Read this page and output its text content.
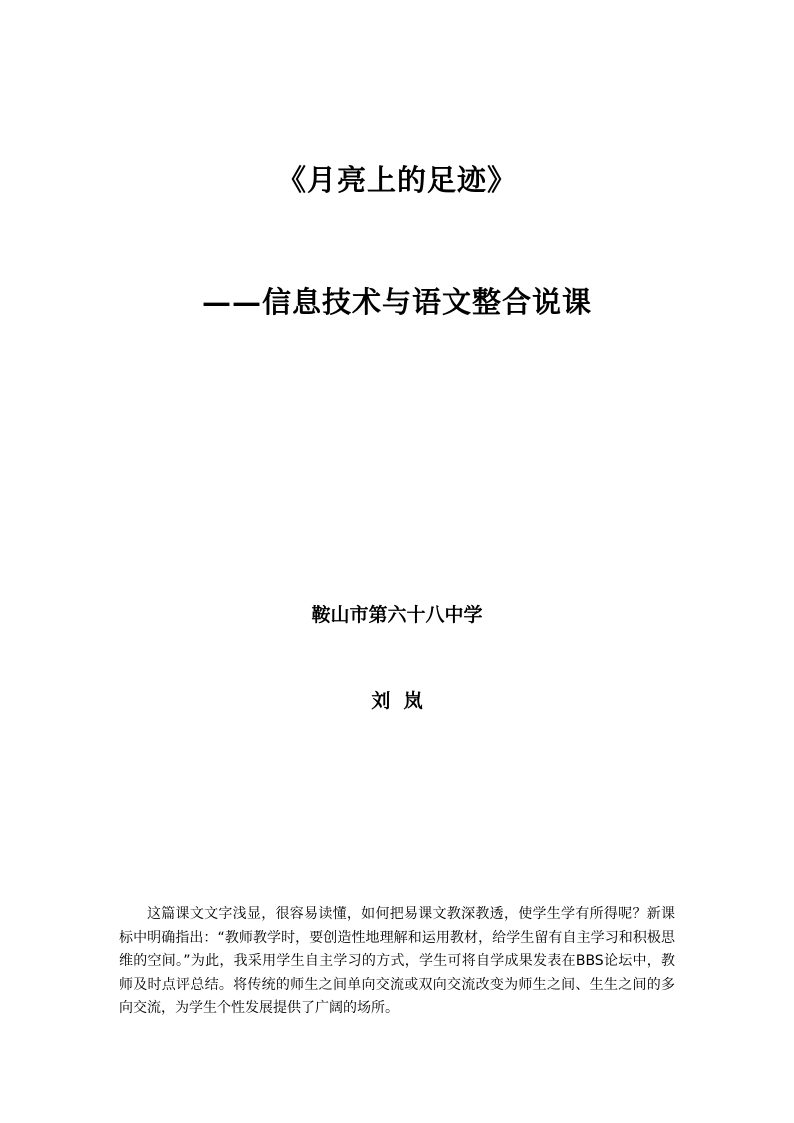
《月亮上的足迹》
——信息技术与语文整合说课
鞍山市第六十八中学
刘  岚

这篇课文文字浅显，很容易读懂，如何把易课文教深教透，使学生学有所得呢？新课标中明确指出：“教师教学时，要创造性地理解和运用教材，给学生留有自主学习和积极思维的空间。”为此，我采用学生自主学习的方式，学生可将自学成果发表在BBS论坛中，教师及时点评总结。将传统的师生之间单向交流或双向交流改变为师生之间、生生之间的多向交流，为学生个性发展提供了广阔的场所。
